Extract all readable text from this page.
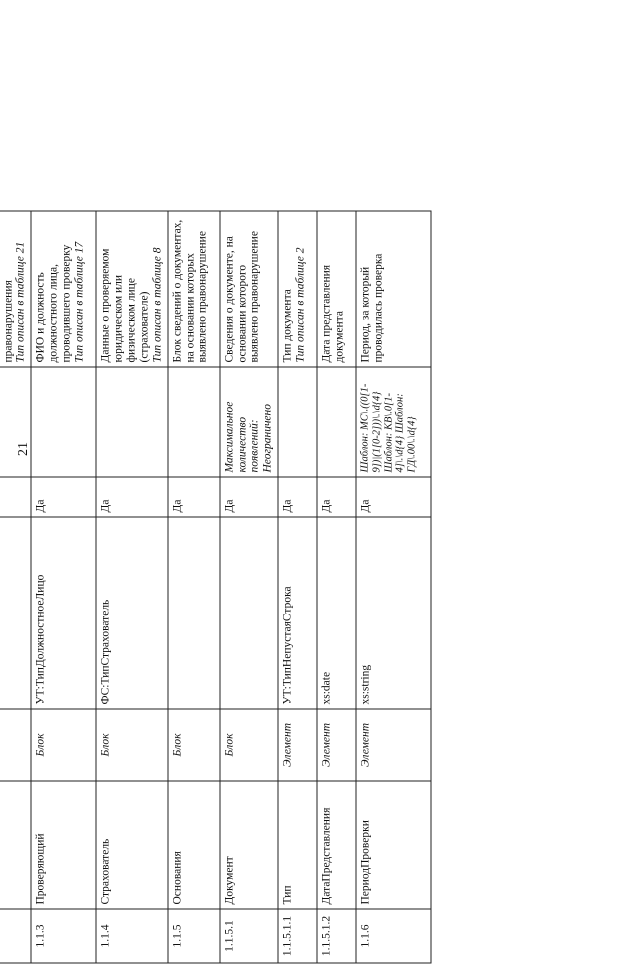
21

						правонарушения
Тип описан в таблице 21
1.1.3	Проверяющий	Блок	УТ:ТипДолжностноеЛицо	Да		ФИО и должность должностного лица, проводившего проверку
Тип описан в таблице 17
1.1.4	Страхователь	Блок	ФС:ТипСтрахователь	Да		Данные о проверяемом юридическом или физическом лице (страхователе)
Тип описан в таблице 8
1.1.5	Основания	Блок		Да		Блок сведений о документах, на основании которых выявлено правонарушение
1.1.5.1	Документ	Блок		Да	Максимальное количество появлений: Неограничено	Сведения о документе, на основании которого выявлено правонарушение
1.1.5.1.1	Тип	Элемент	УТ:ТипНепустаяСтрока	Да		Тип документа
Тип описан в таблице 2
1.1.5.1.2	ДатаПредставления	Элемент	xs:date	Да		Дата представления документа
1.1.6	ПериодПроверки	Элемент	xs:string	Да	Шаблон: МС\.((0[1-9])|(1[0-2]))\.\d{4} Шаблон: КВ\.0[1-4]\.\d{4} Шаблон: ГД\.00\.\d{4}	Период, за который проводилась проверка
